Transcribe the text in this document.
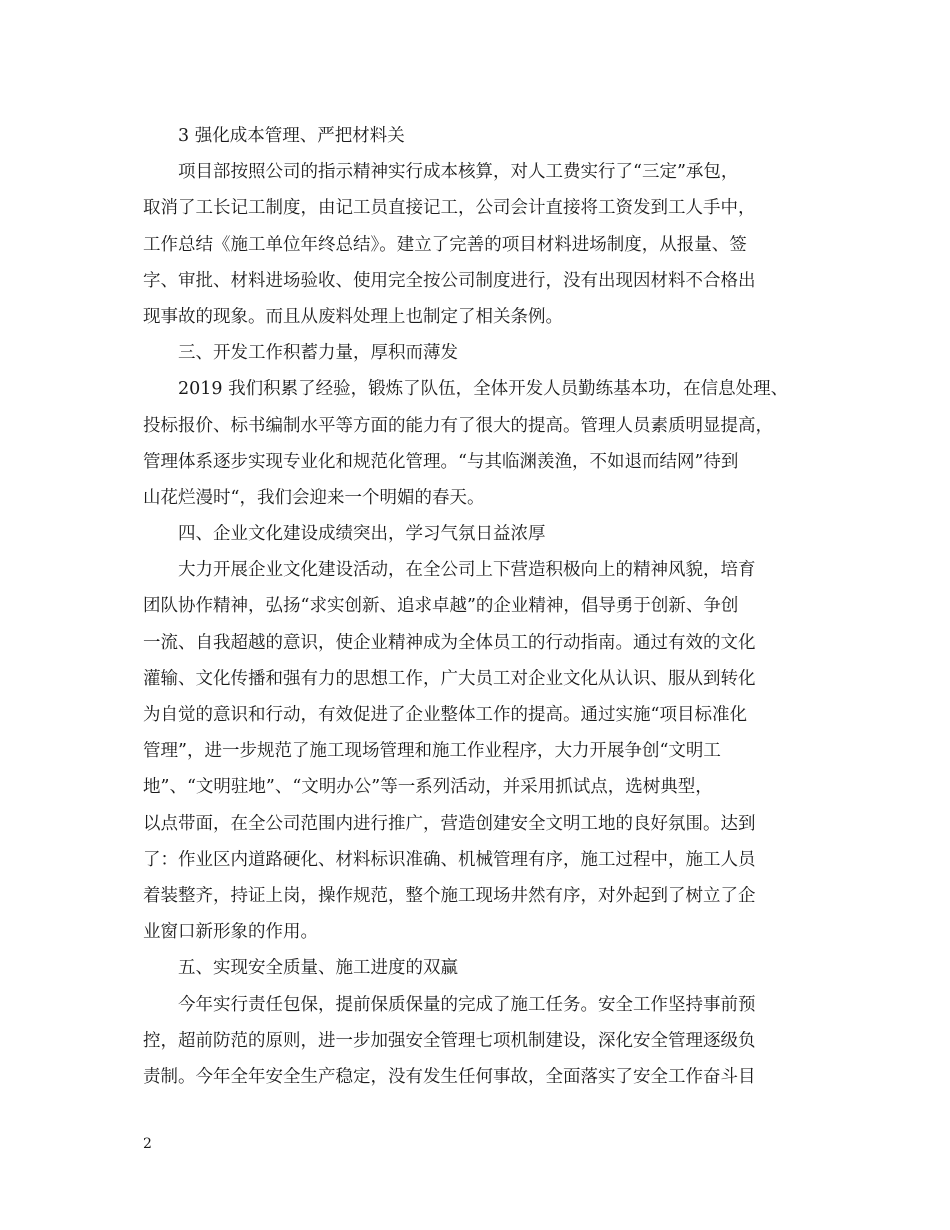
3 强化成本管理、严把材料关
项目部按照公司的指示精神实行成本核算，对人工费实行了“三定”承包，
取消了工长记工制度，由记工员直接记工，公司会计直接将工资发到工人手中，
工作总结《施工单位年终总结》。建立了完善的项目材料进场制度，从报量、签
字、审批、材料进场验收、使用完全按公司制度进行，没有出现因材料不合格出
现事故的现象。而且从废料处理上也制定了相关条例。
三、开发工作积蓄力量，厚积而薄发
2019 我们积累了经验，锻炼了队伍，全体开发人员勤练基本功，在信息处理、
投标报价、标书编制水平等方面的能力有了很大的提高。管理人员素质明显提高，
管理体系逐步实现专业化和规范化管理。“与其临渊羡渔，不如退而结网”待到
山花烂漫时“，我们会迎来一个明媚的春天。
四、企业文化建设成绩突出，学习气氛日益浓厚
大力开展企业文化建设活动，在全公司上下营造积极向上的精神风貌，培育
团队协作精神，弘扬“求实创新、追求卓越”的企业精神，倡导勇于创新、争创
一流、自我超越的意识，使企业精神成为全体员工的行动指南。通过有效的文化
灌输、文化传播和强有力的思想工作，广大员工对企业文化从认识、服从到转化
为自觉的意识和行动，有效促进了企业整体工作的提高。通过实施“项目标准化
管理”，进一步规范了施工现场管理和施工作业程序，大力开展争创“文明工
地”、“文明驻地”、“文明办公”等一系列活动，并采用抓试点，选树典型，
以点带面，在全公司范围内进行推广，营造创建安全文明工地的良好氛围。达到
了：作业区内道路硬化、材料标识准确、机械管理有序，施工过程中，施工人员
着装整齐，持证上岗，操作规范，整个施工现场井然有序，对外起到了树立了企
业窗口新形象的作用。
五、实现安全质量、施工进度的双赢
今年实行责任包保，提前保质保量的完成了施工任务。安全工作坚持事前预
控，超前防范的原则，进一步加强安全管理七项机制建设，深化安全管理逐级负
责制。今年全年安全生产稳定，没有发生任何事故，全面落实了安全工作奋斗目
2
